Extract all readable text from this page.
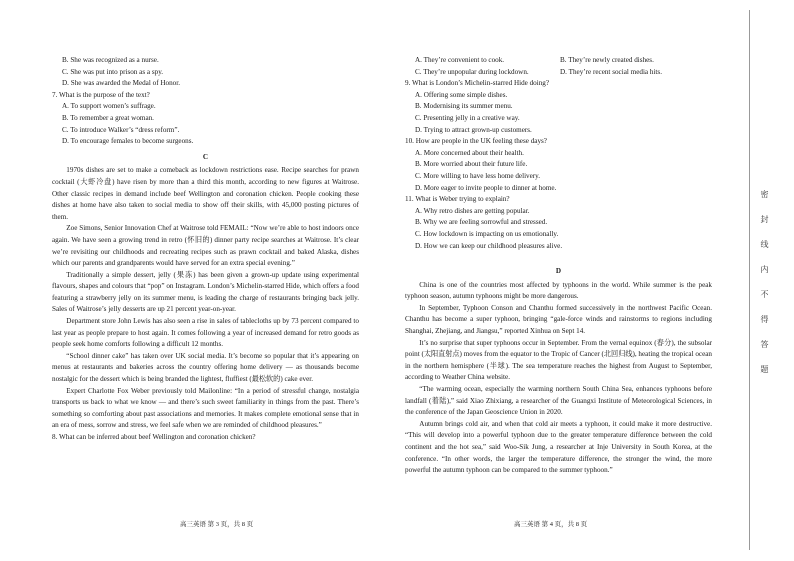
B. She was recognized as a nurse.

C. She was put into prison as a spy.

D. She was awarded the Medal of Honor.

7. What is the purpose of the text?

A. To support women’s suffrage.

B. To remember a great woman.

C. To introduce Walker’s “dress reform”.

D. To encourage females to become surgeons.

C

1970s dishes are set to make a comeback as lockdown restrictions ease. Recipe searches for prawn cocktail (大虾冷盘) have risen by more than a third this month, according to new figures at Waitrose. Other classic recipes in demand include beef Wellington and coronation chicken. People cooking these dishes at home have also taken to social media to show off their skills, with 45,000 posting pictures of them.

Zoe Simons, Senior Innovation Chef at Waitrose told FEMAIL: “Now we’re able to host indoors once again. We have seen a growing trend in retro (怀旧的) dinner party recipe searches at Waitrose. It’s clear we’re revisiting our childhoods and recreating recipes such as prawn cocktail and baked Alaska, dishes which our parents and grandparents would have served for an extra special evening.”

Traditionally a simple dessert, jelly (果冻) has been given a grown-up update using experimental flavours, shapes and colours that “pop” on Instagram. London’s Michelin-starred Hide, which offers a food featuring a strawberry jelly on its summer menu, is leading the charge of restaurants bringing back jelly. Sales of Waitrose’s jelly desserts are up 21 percent year-on-year.

Department store John Lewis has also seen a rise in sales of tablecloths up by 73 percent compared to last year as people prepare to host again. It comes following a year of increased demand for retro goods as people seek home comforts following a difficult 12 months.

“School dinner cake” has taken over UK social media. It’s become so popular that it’s appearing on menus at restaurants and bakeries across the country offering home delivery — as thousands become nostalgic for the dessert which is being branded the lightest, fluffiest (最松软的) cake ever.

Expert Charlotte Fox Weber previously told Mailonline: “In a period of stressful change, nostalgia transports us back to what we know — and there’s such sweet familiarity in things from the past. There’s something so comforting about past associations and memories. It makes complete emotional sense that in an era of mess, sorrow and stress, we feel safe when we are reminded of childhood pleasures.”

8. What can be inferred about beef Wellington and coronation chicken?

A. They’re convenient to cook.	B. They’re newly created dishes.
C. They’re unpopular during lockdown.	D. They’re recent social media hits.

9. What is London’s Michelin-starred Hide doing?

A. Offering some simple dishes.

B. Modernising its summer menu.

C. Presenting jelly in a creative way.

D. Trying to attract grown-up customers.

10. How are people in the UK feeling these days?

A. More concerned about their health.

B. More worried about their future life.

C. More willing to have less home delivery.

D. More eager to invite people to dinner at home.

11. What is Weber trying to explain?

A. Why retro dishes are getting popular.

B. Why we are feeling sorrowful and stressed.

C. How lockdown is impacting on us emotionally.

D. How we can keep our childhood pleasures alive.

D

China is one of the countries most affected by typhoons in the world. While summer is the peak typhoon season, autumn typhoons might be more dangerous.

In September, Typhoon Conson and Chanthu formed successively in the northwest Pacific Ocean. Chanthu has become a super typhoon, bringing “gale-force winds and rainstorms to regions including Shanghai, Zhejiang, and Jiangsu,” reported Xinhua on Sept 14.

It’s no surprise that super typhoons occur in September. From the vernal equinox (春分), the subsolar point (太阳直射点) moves from the equator to the Tropic of Cancer (北回归线), heating the tropical ocean in the northern hemisphere (半球). The sea temperature reaches the highest from August to September, according to Weather China website.

“The warming ocean, especially the warming northern South China Sea, enhances typhoons before landfall (着陆),” said Xiao Zhixiang, a researcher of the Guangxi Institute of Meteorological Sciences, in the conference of the Japan Geoscience Union in 2020.

Autumn brings cold air, and when that cold air meets a typhoon, it could make it more destructive. “This will develop into a powerful typhoon due to the greater temperature difference between the cold continent and the hot sea,” said Woo-Sik Jung, a researcher at Inje University in South Korea, at the conference. “In other words, the larger the temperature difference, the stronger the wind, the more powerful the autumn typhoon can be compared to the summer typhoon.”

高三英语 第 3 页，共 8 页	高三英语 第 4 页，共 8 页
密封线内不得答题
